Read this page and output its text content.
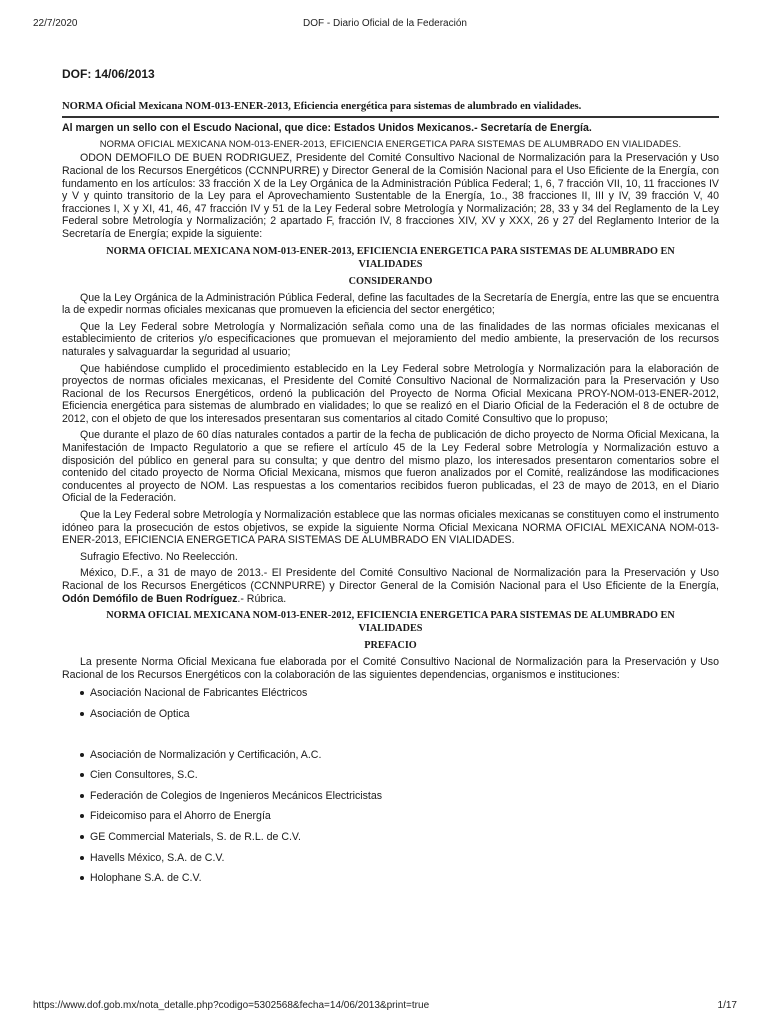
22/7/2020	DOF - Diario Oficial de la Federación
DOF: 14/06/2013
NORMA Oficial Mexicana NOM-013-ENER-2013, Eficiencia energética para sistemas de alumbrado en vialidades.
Al margen un sello con el Escudo Nacional, que dice: Estados Unidos Mexicanos.- Secretaría de Energía.
NORMA OFICIAL MEXICANA NOM-013-ENER-2013, EFICIENCIA ENERGETICA PARA SISTEMAS DE ALUMBRADO EN VIALIDADES.

ODON DEMOFILO DE BUEN RODRIGUEZ, Presidente del Comité Consultivo Nacional de Normalización para la Preservación y Uso Racional de los Recursos Energéticos (CCNNPURRE) y Director General de la Comisión Nacional para el Uso Eficiente de la Energía, con fundamento en los artículos: 33 fracción X de la Ley Orgánica de la Administración Pública Federal; 1, 6, 7 fracción VII, 10, 11 fracciones IV y V y quinto transitorio de la Ley para el Aprovechamiento Sustentable de la Energía, 1o., 38 fracciones II, III y IV, 39 fracción V, 40 fracciones I, X y XI, 41, 46, 47 fracción IV y 51 de la Ley Federal sobre Metrología y Normalización; 28, 33 y 34 del Reglamento de la Ley Federal sobre Metrología y Normalización; 2 apartado F, fracción IV, 8 fracciones XIV, XV y XXX, 26 y 27 del Reglamento Interior de la Secretaría de Energía; expide la siguiente:

NORMA OFICIAL MEXICANA NOM-013-ENER-2013, EFICIENCIA ENERGETICA PARA SISTEMAS DE ALUMBRADO EN VIALIDADES
CONSIDERANDO

Que la Ley Orgánica de la Administración Pública Federal, define las facultades de la Secretaría de Energía, entre las que se encuentra la de expedir normas oficiales mexicanas que promueven la eficiencia del sector energético;

Que la Ley Federal sobre Metrología y Normalización señala como una de las finalidades de las normas oficiales mexicanas el establecimiento de criterios y/o especificaciones que promuevan el mejoramiento del medio ambiente, la preservación de los recursos naturales y salvaguardar la seguridad al usuario;

Que habiéndose cumplido el procedimiento establecido en la Ley Federal sobre Metrología y Normalización para la elaboración de proyectos de normas oficiales mexicanas, el Presidente del Comité Consultivo Nacional de Normalización para la Preservación y Uso Racional de los Recursos Energéticos, ordenó la publicación del Proyecto de Norma Oficial Mexicana PROY-NOM-013-ENER-2012, Eficiencia energética para sistemas de alumbrado en vialidades; lo que se realizó en el Diario Oficial de la Federación el 8 de octubre de 2012, con el objeto de que los interesados presentaran sus comentarios al citado Comité Consultivo que lo propuso;

Que durante el plazo de 60 días naturales contados a partir de la fecha de publicación de dicho proyecto de Norma Oficial Mexicana, la Manifestación de Impacto Regulatorio a que se refiere el artículo 45 de la Ley Federal sobre Metrología y Normalización estuvo a disposición del público en general para su consulta; y que dentro del mismo plazo, los interesados presentaron comentarios sobre el contenido del citado proyecto de Norma Oficial Mexicana, mismos que fueron analizados por el Comité, realizándose las modificaciones conducentes al proyecto de NOM. Las respuestas a los comentarios recibidos fueron publicadas, el 23 de mayo de 2013, en el Diario Oficial de la Federación.

Que la Ley Federal sobre Metrología y Normalización establece que las normas oficiales mexicanas se constituyen como el instrumento idóneo para la prosecución de estos objetivos, se expide la siguiente Norma Oficial Mexicana NORMA OFICIAL MEXICANA NOM-013-ENER-2013, EFICIENCIA ENERGETICA PARA SISTEMAS DE ALUMBRADO EN VIALIDADES.

Sufragio Efectivo. No Reelección.

México, D.F., a 31 de mayo de 2013.- El Presidente del Comité Consultivo Nacional de Normalización para la Preservación y Uso Racional de los Recursos Energéticos (CCNNPURRE) y Director General de la Comisión Nacional para el Uso Eficiente de la Energía, Odón Demófilo de Buen Rodríguez.- Rúbrica.

NORMA OFICIAL MEXICANA NOM-013-ENER-2012, EFICIENCIA ENERGETICA PARA SISTEMAS DE ALUMBRADO EN VIALIDADES
PREFACIO

La presente Norma Oficial Mexicana fue elaborada por el Comité Consultivo Nacional de Normalización para la Preservación y Uso Racional de los Recursos Energéticos con la colaboración de las siguientes dependencias, organismos e instituciones:

Asociación Nacional de Fabricantes Eléctricos
Asociación de Optica
Asociación de Normalización y Certificación, A.C.
Cien Consultores, S.C.
Federación de Colegios de Ingenieros Mecánicos Electricistas
Fideicomiso para el Ahorro de Energía
GE Commercial Materials, S. de R.L. de C.V.
Havells México, S.A. de C.V.
Holophane S.A. de C.V.
https://www.dof.gob.mx/nota_detalle.php?codigo=5302568&fecha=14/06/2013&print=true	1/17
